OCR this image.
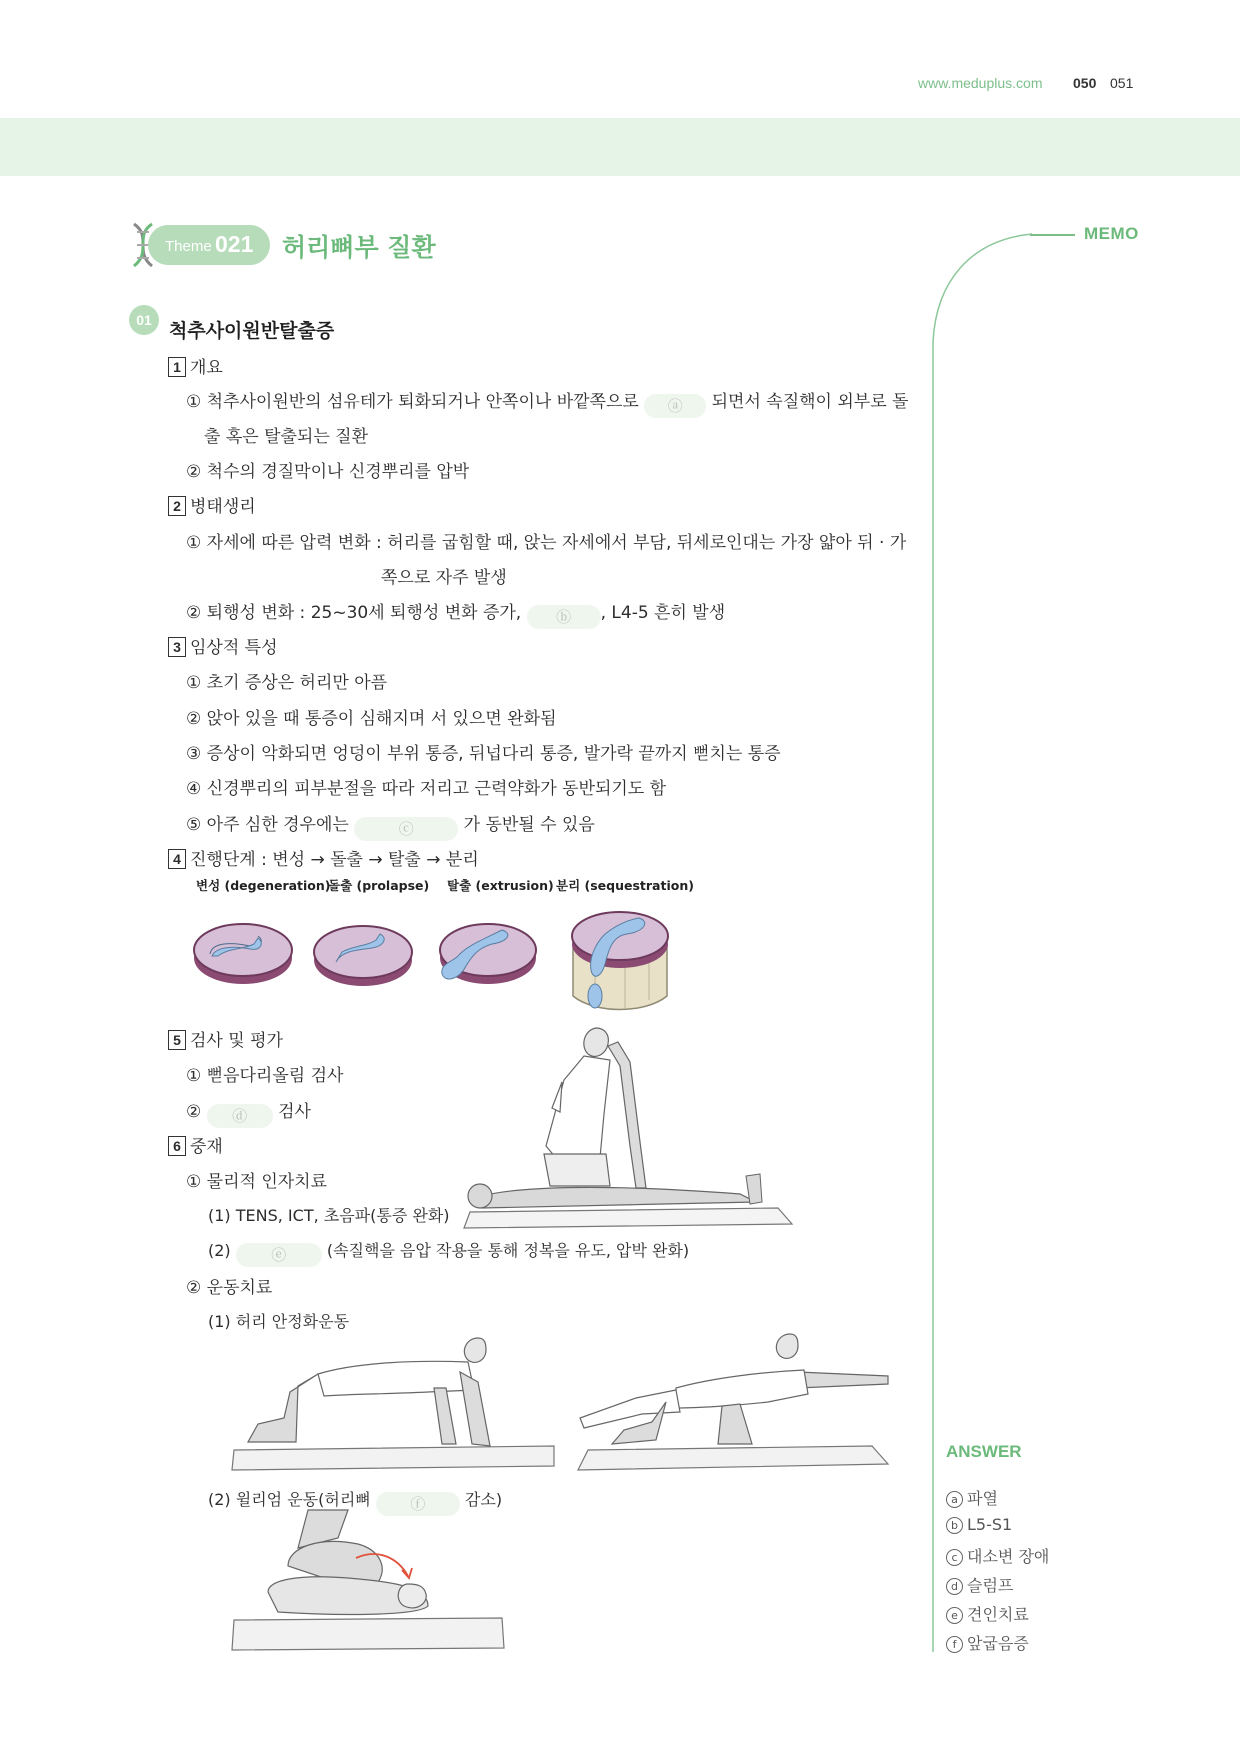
www.meduplus.com 050 051
Theme 021 허리뼈부 질환	MEMO
01 척추사이원반탈출증
1 개요
① 척추사이원반의 섬유테가 퇴화되거나 안쪽이나 바깥쪽으로 ⓐ 되면서 속질핵이 외부로 돌
출 혹은 탈출되는 질환
② 척수의 경질막이나 신경뿌리를 압박
2 병태생리
① 자세에 따른 압력 변화 : 허리를 굽힘할 때, 앉는 자세에서 부담, 뒤세로인대는 가장 얇아 뒤 · 가
쪽으로 자주 발생
② 퇴행성 변화 : 25~30세 퇴행성 변화 증가, ⓑ , L4-5 흔히 발생
3 임상적 특성
① 초기 증상은 허리만 아픔
② 앉아 있을 때 통증이 심해지며 서 있으면 완화됨
③ 증상이 악화되면 엉덩이 부위 통증, 뒤넙다리 통증, 발가락 끝까지 뻗치는 통증
④ 신경뿌리의 피부분절을 따라 저리고 근력약화가 동반되기도 함
⑤ 아주 심한 경우에는	ⓒ	가 동반될 수 있음
4 진행단계 : 변성 → 돌출 → 탈출 → 분리
변성 (degeneration)
돌출 (prolapse) 탈출 (extrusion) 분리 (sequestration)
5 검사 및 평가
① 뻗음다리올림 검사
② ⓓ 검사
6 중재
① 물리적 인자치료
(1) TENS, ICT, 초음파(통증 완화)
(2)	ⓔ	(속질핵을 음압 작용을 통해 정복을 유도, 압박 완화)
② 운동치료
(1) 허리 안정화운동
(2) 윌리엄 운동(허리뼈	ⓕ 감소)
ANSWER
a 파열
b L5-S1
c 대소변 장애
d 슬럼프
e 견인치료
f 앞굽음증
